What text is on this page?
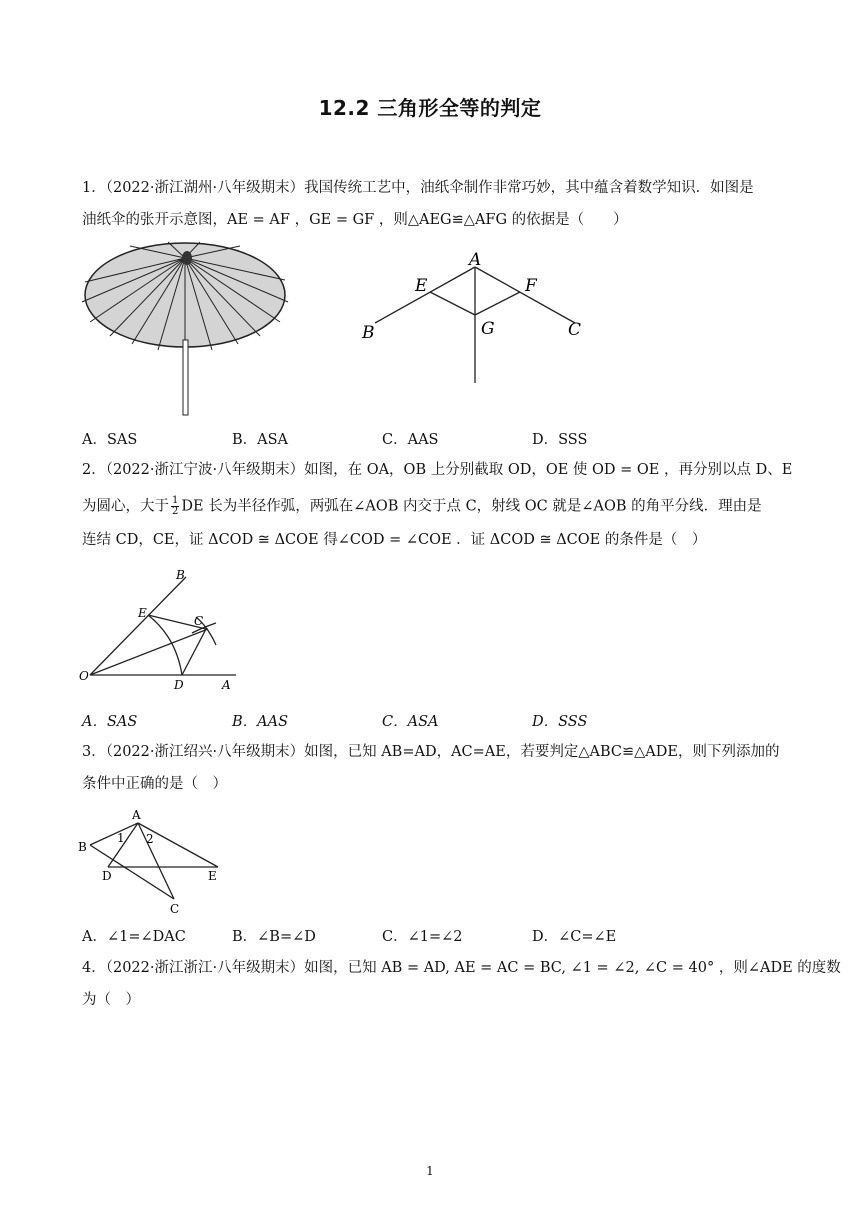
12.2 三角形全等的判定
1．（2022·浙江湖州·八年级期末）我国传统工艺中，油纸伞制作非常巧妙，其中蕴含着数学知识．如图是
油纸伞的张开示意图，AE = AF ，GE = GF ，则△AEG≌△AFG 的依据是（　　）
A
E	F
B	G	C
A．SAS	B．ASA	C．AAS	D．SSS
2．（2022·浙江宁波·八年级期末）如图，在 OA，OB 上分别截取 OD，OE 使 OD = OE ，再分别以点 D、E
为圆心，大于 $\frac{1}{2}$ DE 长为半径作弧，两弧在∠AOB 内交于点 C，射线 OC 就是∠AOB 的角平分线．理由是
连结 CD，CE，证 ΔCOD ≅ ΔCOE 得∠COD = ∠COE ．证 ΔCOD ≅ ΔCOE 的条件是（　）
B
E
C
O
D	A
A．SAS	B．AAS	C．ASA	D．SSS
3．（2022·浙江绍兴·八年级期末）如图，已知 AB=AD，AC=AE，若要判定△ABC≌△ADE，则下列添加的
条件中正确的是（　）
A
1 2
B
D	E
C
A．∠1=∠DAC	B．∠B=∠D	C．∠1=∠2	D．∠C=∠E
4．（2022·浙江浙江·八年级期末）如图，已知 AB = AD, AE = AC = BC, ∠1 = ∠2, ∠C = 40° ，则∠ADE 的度数
为（　）
1
